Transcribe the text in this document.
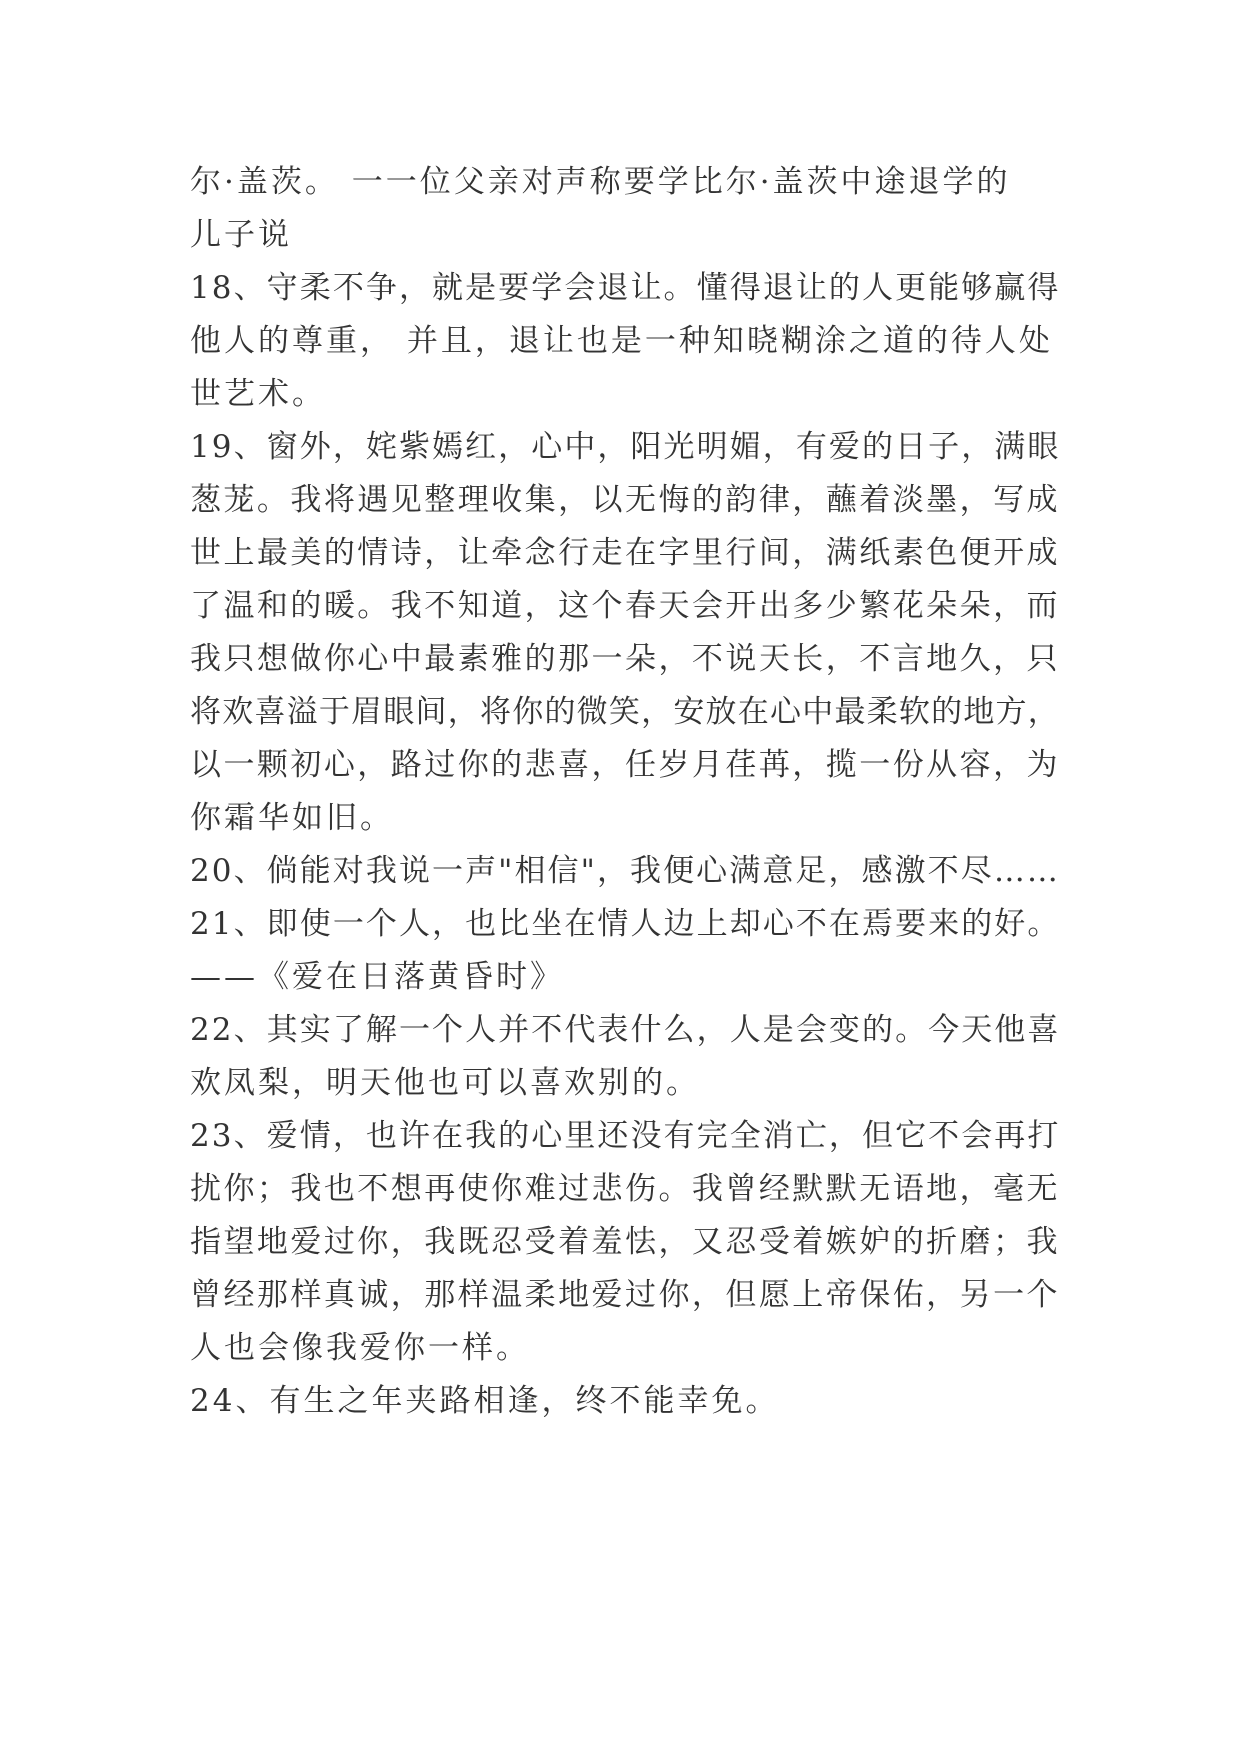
尔·盖茨。 一一位父亲对声称要学比尔·盖茨中途退学的
儿子说
18、守柔不争，就是要学会退让。懂得退让的人更能够赢得
他人的尊重， 并且，退让也是一种知晓糊涂之道的待人处
世艺术。
19、窗外，姹紫嫣红，心中，阳光明媚，有爱的日子，满眼
葱茏。我将遇见整理收集，以无悔的韵律，蘸着淡墨，写成
世上最美的情诗，让牵念行走在字里行间，满纸素色便开成
了温和的暖。我不知道，这个春天会开出多少繁花朵朵，而
我只想做你心中最素雅的那一朵，不说天长，不言地久，只
将欢喜溢于眉眼间，将你的微笑，安放在心中最柔软的地方，
以一颗初心，路过你的悲喜，任岁月荏苒，揽一份从容，为
你霜华如旧。
20、倘能对我说一声"相信"，我便心满意足，感激不尽……
21、即使一个人，也比坐在情人边上却心不在焉要来的好。
——《爱在日落黄昏时》
22、其实了解一个人并不代表什么，人是会变的。今天他喜
欢凤梨，明天他也可以喜欢别的。
23、爱情，也许在我的心里还没有完全消亡，但它不会再打
扰你；我也不想再使你难过悲伤。我曾经默默无语地，毫无
指望地爱过你，我既忍受着羞怯，又忍受着嫉妒的折磨；我
曾经那样真诚，那样温柔地爱过你，但愿上帝保佑，另一个
人也会像我爱你一样。
24、有生之年夹路相逢，终不能幸免。
